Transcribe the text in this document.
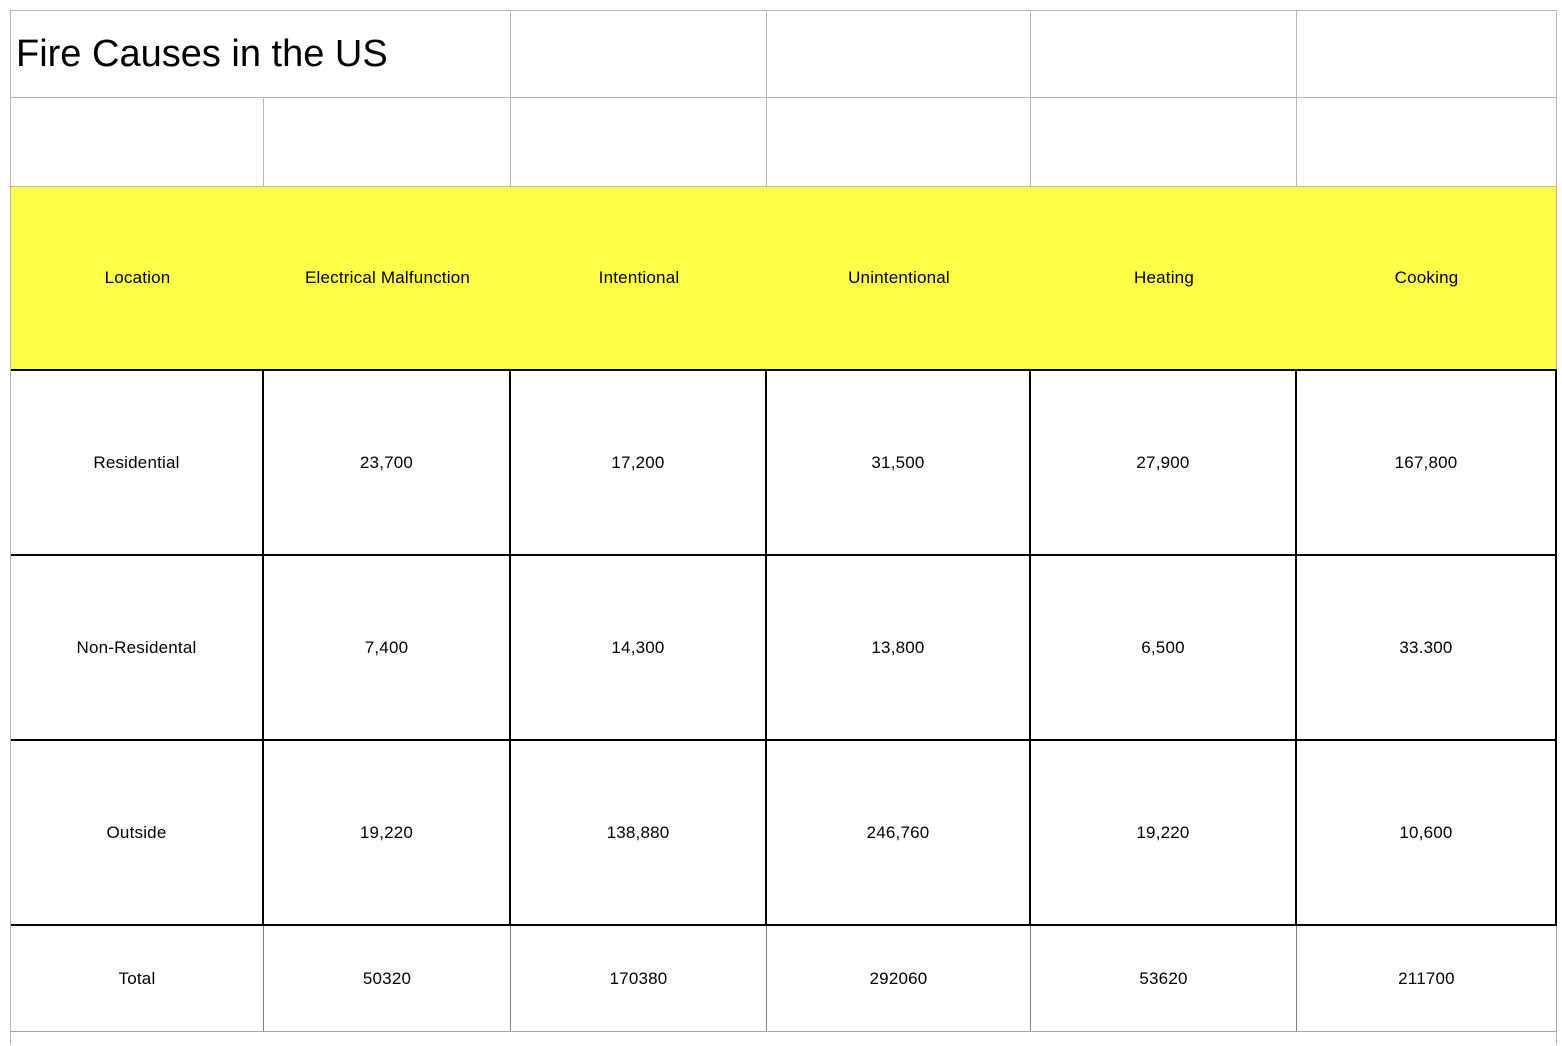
Fire Causes in the US
Location	Electrical Malfunction	Intentional	Unintentional	Heating	Cooking
Residential	23,700	17,200	31,500	27,900	167,800
Non-Residental	7,400	14,300	13,800	6,500	33.300
Outside	19,220	138,880	246,760	19,220	10,600
Total	50320	170380	292060	53620	211700
